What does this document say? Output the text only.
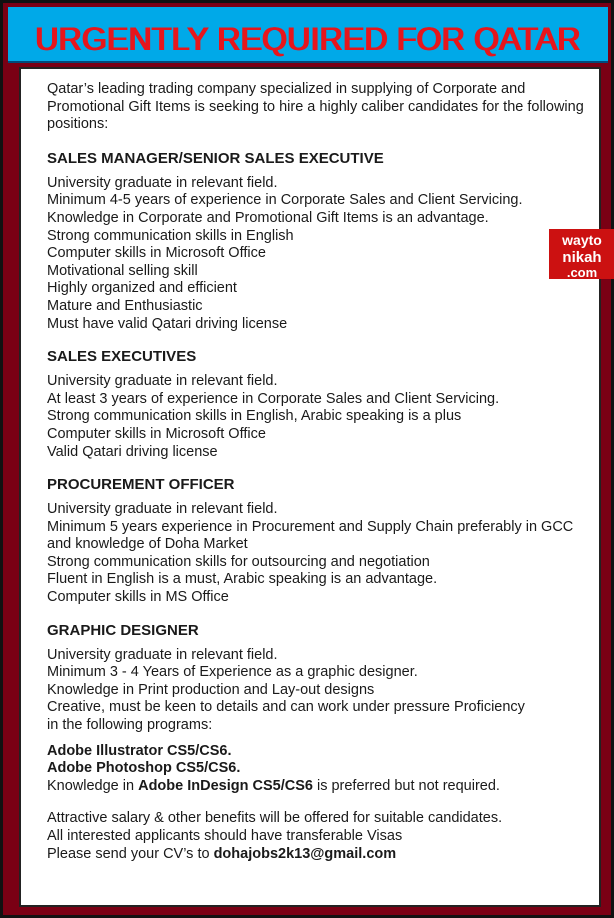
URGENTLY REQUIRED FOR QATAR

Qatar’s leading trading company specialized in supplying of Corporate and Promotional Gift Items is seeking to hire a highly caliber candidates for the following positions:

SALES MANAGER/SENIOR SALES EXECUTIVE
University graduate in relevant field.
Minimum 4-5 years of experience in Corporate Sales and Client Servicing.
Knowledge in Corporate and Promotional Gift Items is an advantage.
Strong communication skills in English
Computer skills in Microsoft Office
Motivational selling skill
Highly organized and efficient
Mature and Enthusiastic
Must have valid Qatari driving license
SALES EXECUTIVES
University graduate in relevant field.
At least 3 years of experience in Corporate Sales and Client Servicing.
Strong communication skills in English, Arabic speaking is a plus
Computer skills in Microsoft Office
Valid Qatari driving license
PROCUREMENT OFFICER
University graduate in relevant field.
Minimum 5 years experience in Procurement and Supply Chain preferably in GCC and knowledge of Doha Market
Strong communication skills for outsourcing and negotiation
Fluent in English is a must, Arabic speaking is an advantage.
Computer skills in MS Office
GRAPHIC DESIGNER
University graduate in relevant field.
Minimum 3 - 4 Years of Experience as a graphic designer.
Knowledge in Print production and Lay-out designs
Creative, must be keen to details and can work under pressure Proficiency in the following programs:
Adobe Illustrator CS5/CS6.
Adobe Photoshop CS5/CS6.
Knowledge in Adobe InDesign CS5/CS6 is preferred but not required.
Attractive salary & other benefits will be offered for suitable candidates.
All interested applicants should have transferable Visas
Please send your CV’s to dohajobs2k13@gmail.com
wayto
nikah
.com
